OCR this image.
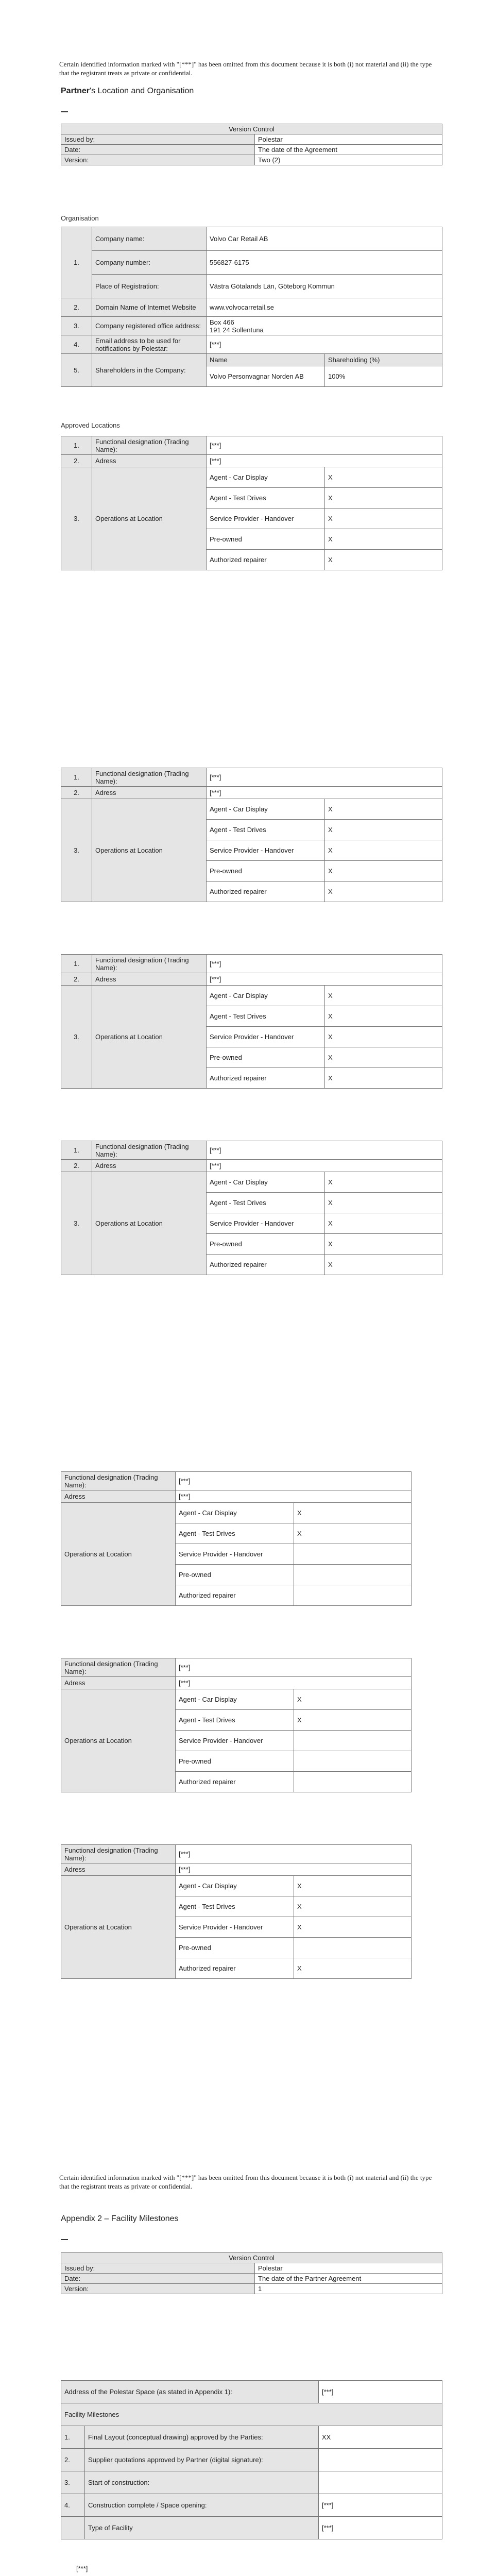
Certain identified information marked with "[***]" has been omitted from this document because it is both (i) not material and (ii) the type that the registrant treats as private or confidential.
Partner's Location and Organisation
Version Control	
Issued by:	Polestar
Date:	The date of the Agreement
Version:	Two (2)
Organisation
1.	Company name:	Volvo Car Retail AB	
	Company number:	556827-6175	
	Place of Registration:	Västra Götalands Län, Göteborg Kommun	
2.	Domain Name of Internet Website	www.volvocarretail.se	
3.	Company registered office address:	Box 466
191 24 Sollentuna	

4.	Email address to be used for notifications by Polestar:	[***]	
5.	Shareholders in the Company:	Name	Shareholding (%)
		Volvo Personvagnar Norden AB	100%
Approved Locations
1.	Functional designation (Trading Name):	[***]	
2.	Adress	[***]	
3.	Operations at Location	Agent - Car Display	X
		Agent - Test Drives	X
		Service Provider - Handover	X
		Pre-owned	X
		Authorized repairer	X
1.	Functional designation (Trading Name):	[***]	
2.	Adress	[***]	
3.	Operations at Location	Agent - Car Display	X
		Agent - Test Drives	X
		Service Provider - Handover	X
		Pre-owned	X
		Authorized repairer	X
1.	Functional designation (Trading Name):	[***]	
2.	Adress	[***]	
3.	Operations at Location	Agent - Car Display	X
		Agent - Test Drives	X
		Service Provider - Handover	X
		Pre-owned	X
		Authorized repairer	X
1.	Functional designation (Trading Name):	[***]	
2.	Adress	[***]	
3.	Operations at Location	Agent - Car Display	X
		Agent - Test Drives	X
		Service Provider - Handover	X
		Pre-owned	X
		Authorized repairer	X
Functional designation (Trading Name):	[***]	
Adress	[***]	
Operations at Location	Agent - Car Display	X
	Agent - Test Drives	X
	Service Provider - Handover	
	Pre-owned	
	Authorized repairer	
Functional designation (Trading Name):	[***]	
Adress	[***]	
Operations at Location	Agent - Car Display	X
	Agent - Test Drives	X
	Service Provider - Handover	
	Pre-owned	
	Authorized repairer	
Functional designation (Trading Name):	[***]	
Adress	[***]	
Operations at Location	Agent - Car Display	X
	Agent - Test Drives	X
	Service Provider - Handover	X
	Pre-owned	
	Authorized repairer	X
Certain identified information marked with "[***]" has been omitted from this document because it is both (i) not material and (ii) the type that the registrant treats as private or confidential.
Appendix 2 – Facility Milestones
Version Control	
Issued by:	Polestar
Date:	The date of the Partner Agreement
Version:	1
Address of the Polestar Space (as stated in Appendix 1):		[***]
Facility Milestones		
1.	Final Layout (conceptual drawing) approved by the Parties:	XX
2.	Supplier quotations approved by Partner (digital signature):	
3.	Start of construction:	
4.	Construction complete / Space opening:	[***]
	Type of Facility	[***]
[***]
